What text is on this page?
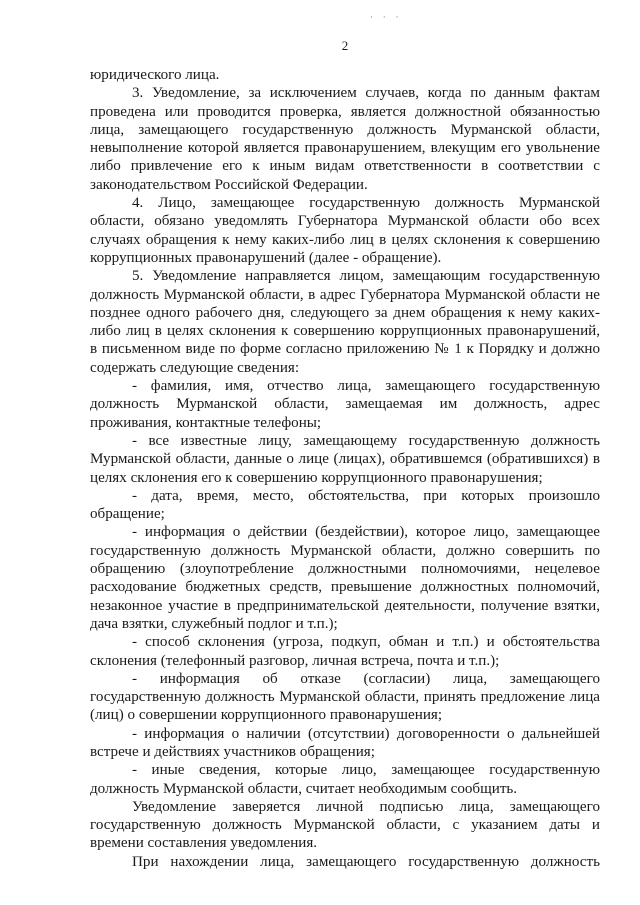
· · ·
2

юридического лица.

3. Уведомление, за исключением случаев, когда по данным фактам проведена или проводится проверка, является должностной обязанностью лица, замещающего государственную должность Мурманской области, невыполнение которой является правонарушением, влекущим его увольнение либо привлечение его к иным видам ответственности в соответствии с законодательством Российской Федерации.

4. Лицо, замещающее государственную должность Мурманской области, обязано уведомлять Губернатора Мурманской области обо всех случаях обращения к нему каких-либо лиц в целях склонения к совершению коррупционных правонарушений (далее - обращение).

5. Уведомление направляется лицом, замещающим государственную должность Мурманской области, в адрес Губернатора Мурманской области не позднее одного рабочего дня, следующего за днем обращения к нему каких-либо лиц в целях склонения к совершению коррупционных правонарушений, в письменном виде по форме согласно приложению № 1 к Порядку и должно содержать следующие сведения:

- фамилия, имя, отчество лица, замещающего государственную должность Мурманской области, замещаемая им должность, адрес проживания, контактные телефоны;

- все известные лицу, замещающему государственную должность Мурманской области, данные о лице (лицах), обратившемся (обратившихся) в целях склонения его к совершению коррупционного правонарушения;

- дата, время, место, обстоятельства, при которых произошло обращение;

- информация о действии (бездействии), которое лицо, замещающее государственную должность Мурманской области, должно совершить по обращению (злоупотребление должностными полномочиями, нецелевое расходование бюджетных средств, превышение должностных полномочий, незаконное участие в предпринимательской деятельности, получение взятки, дача взятки, служебный подлог и т.п.);

- способ склонения (угроза, подкуп, обман и т.п.) и обстоятельства склонения (телефонный разговор, личная встреча, почта и т.п.);

- информация об отказе (согласии) лица, замещающего государственную должность Мурманской области, принять предложение лица (лиц) о совершении коррупционного правонарушения;

- информация о наличии (отсутствии) договоренности о дальнейшей встрече и действиях участников обращения;

- иные сведения, которые лицо, замещающее государственную должность Мурманской области, считает необходимым сообщить.

Уведомление заверяется личной подписью лица, замещающего государственную должность Мурманской области, с указанием даты и времени составления уведомления.

При нахождении лица, замещающего государственную должность
